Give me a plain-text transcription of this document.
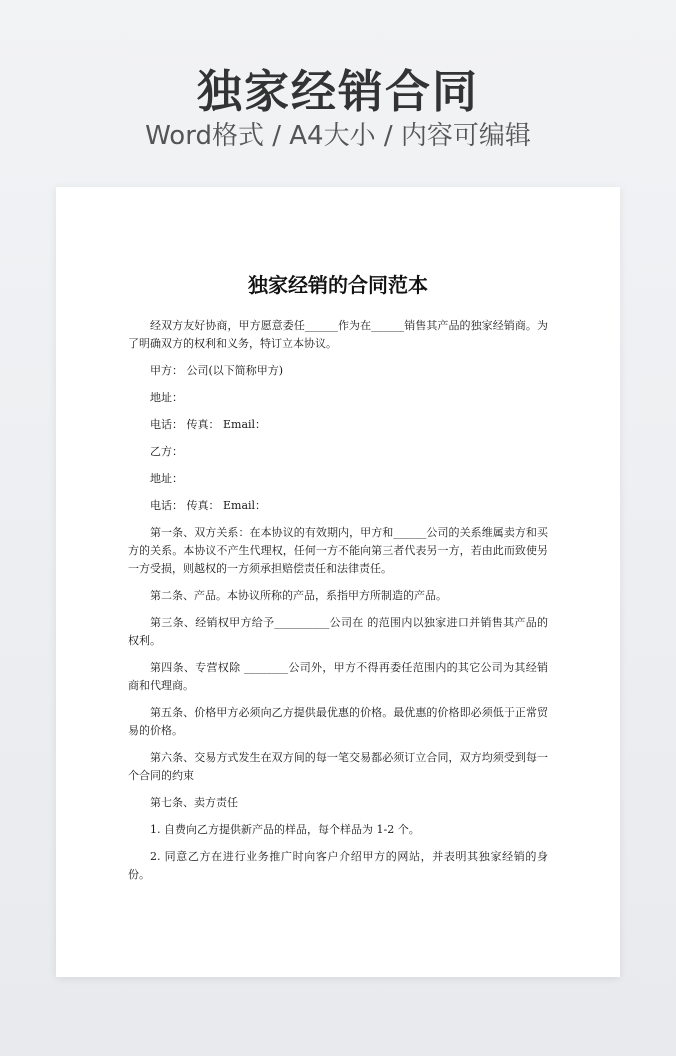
独家经销合同
Word格式 / A4大小 / 内容可编辑
独家经销的合同范本

经双方友好协商，甲方愿意委任______作为在______销售其产品的独家经销商。为了明确双方的权利和义务，特订立本协议。

甲方： 公司(以下简称甲方)

地址：

电话： 传真： Email：

乙方：

地址：

电话： 传真： Email：

第一条、双方关系：在本协议的有效期内，甲方和______公司的关系维属卖方和买方的关系。本协议不产生代理权，任何一方不能向第三者代表另一方，若由此而致使另一方受损，则越权的一方须承担赔偿责任和法律责任。

第二条、产品。本协议所称的产品，系指甲方所制造的产品。

第三条、经销权甲方给予__________公司在 的范围内以独家进口并销售其产品的权利。

第四条、专营权除 ________公司外，甲方不得再委任范围内的其它公司为其经销商和代理商。

第五条、价格甲方必须向乙方提供最优惠的价格。最优惠的价格即必须低于正常贸易的价格。

第六条、交易方式发生在双方间的每一笔交易都必须订立合同，双方均须受到每一个合同的约束

第七条、卖方责任

1. 自费向乙方提供新产品的样品，每个样品为 1-2 个。

2. 同意乙方在进行业务推广时向客户介绍甲方的网站，并表明其独家经销的身份。
